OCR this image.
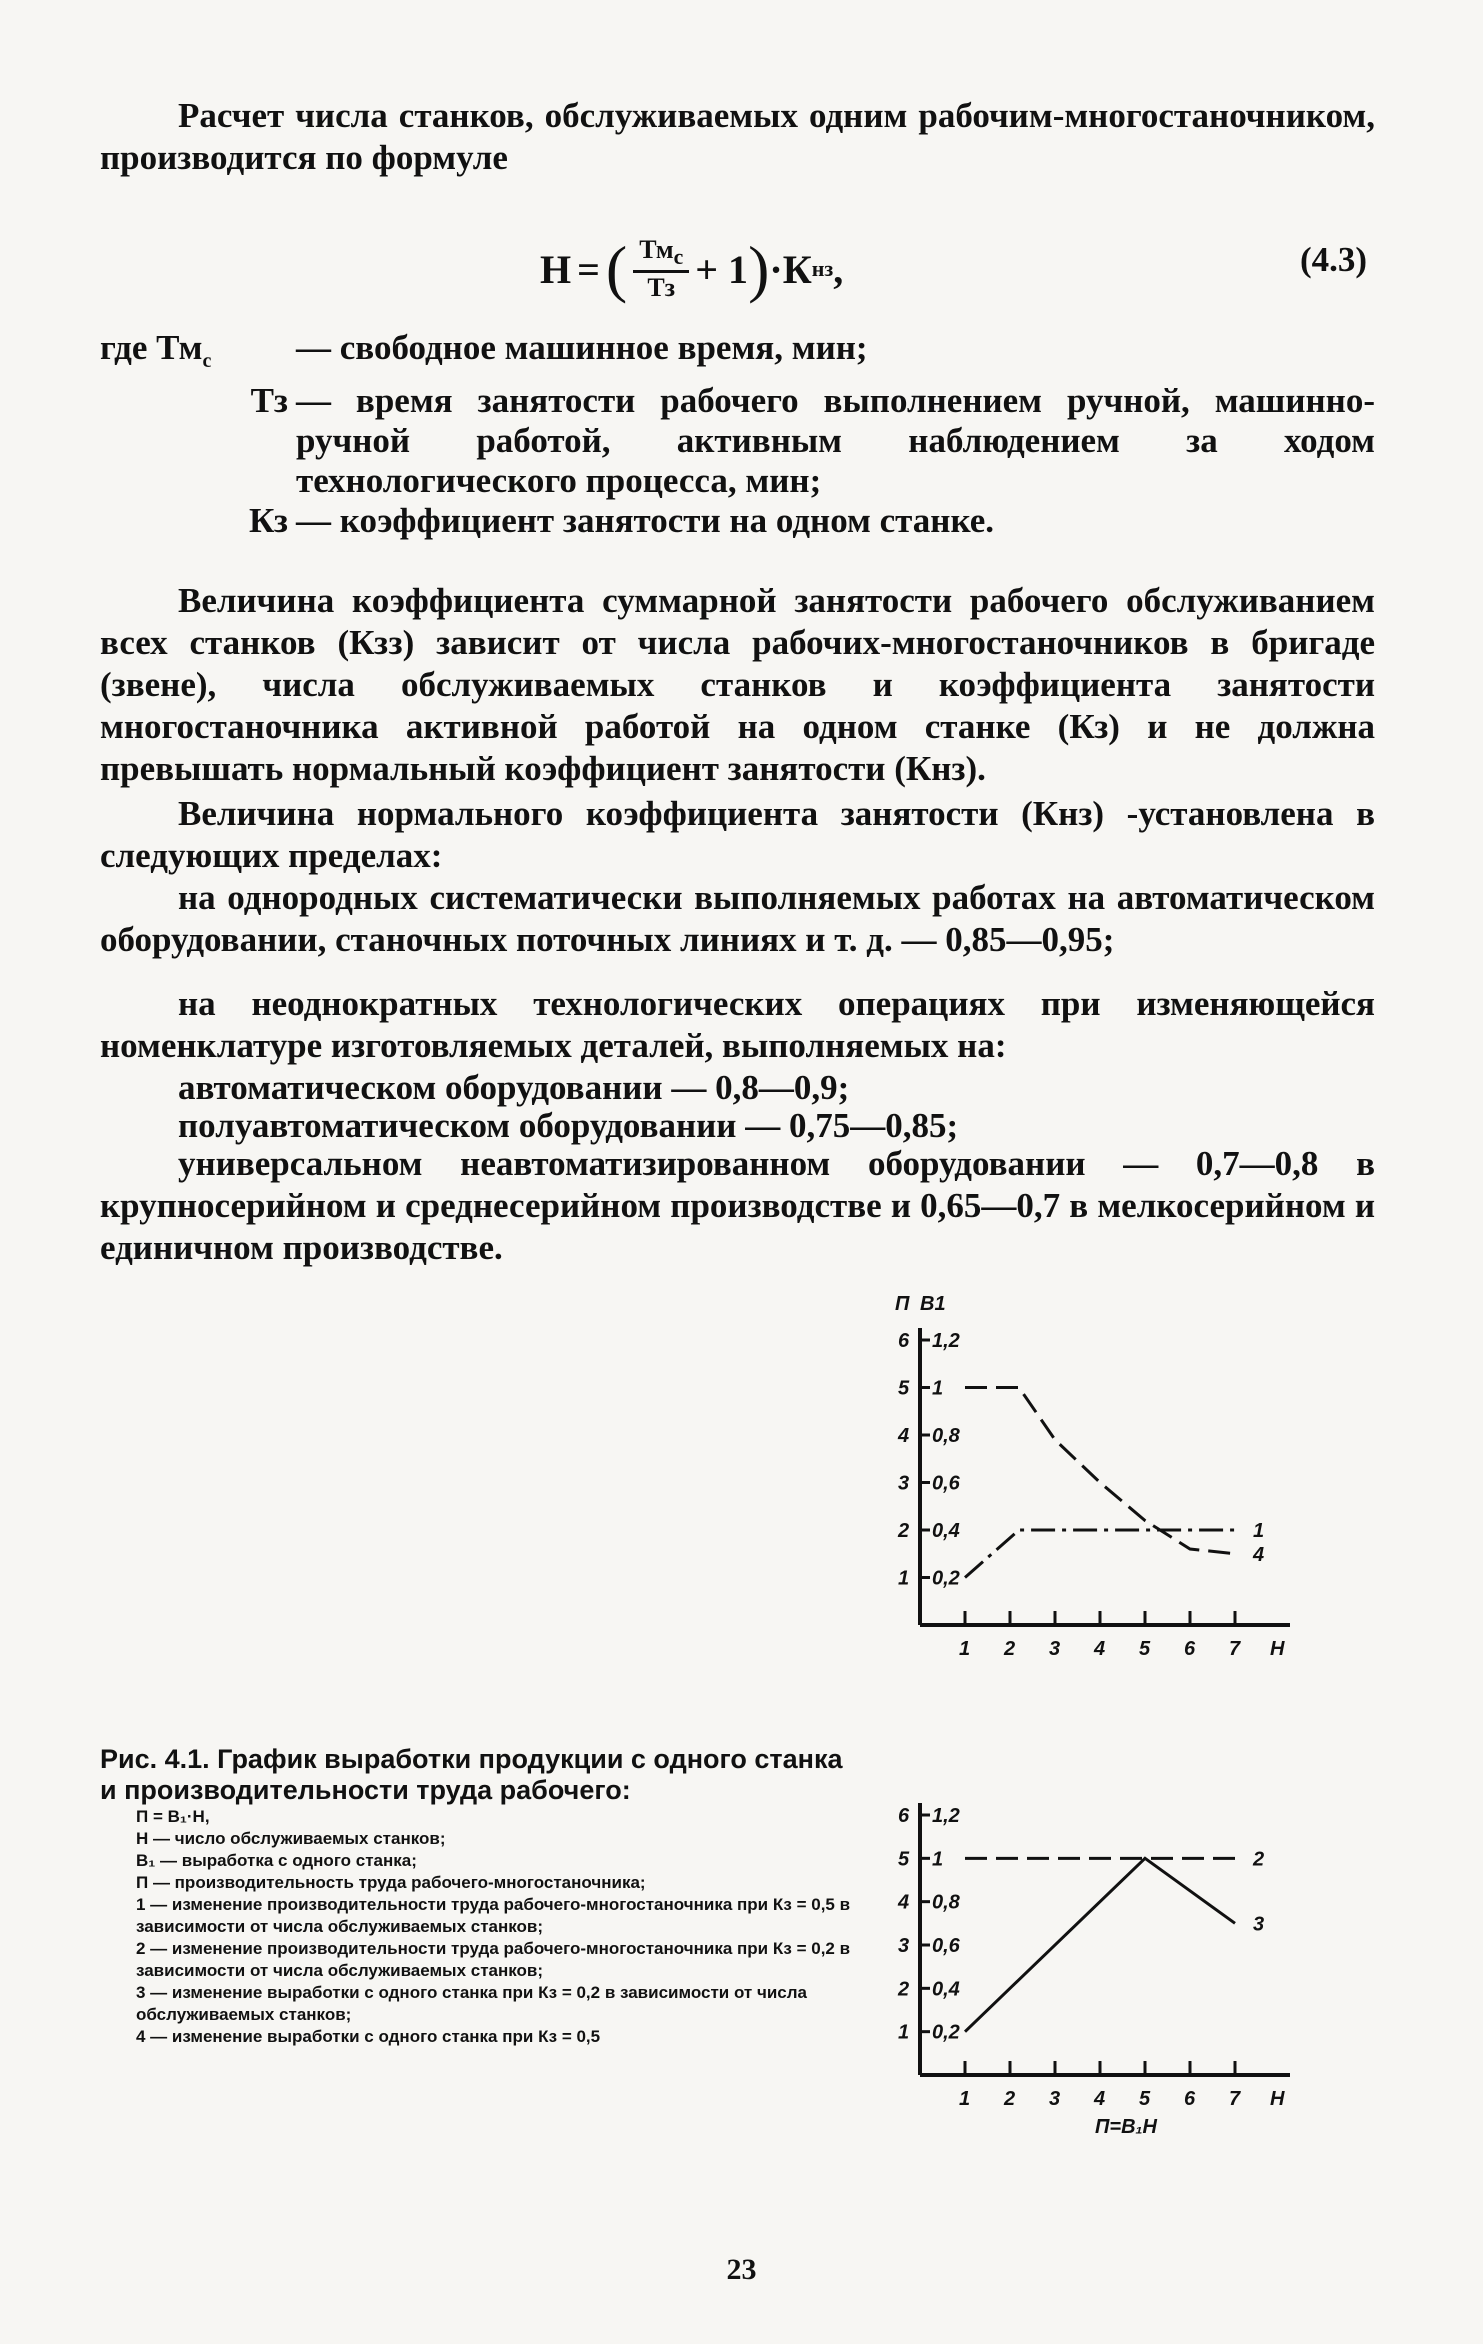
Расчет числа станков, обслуживаемых одним рабочим-многостаночником, производится по формуле
Н = ( $\frac{Тм_с}{Тз} + 1$ ) ·К нз ,	(4.3)
где $Тм_с$	— свободное машинное время, мин;
Тз — время занятости рабочего выполнением ручной, машинно-ручной работой, активным наблюдением за ходом технологического процесса, мин;
Кз — коэффициент занятости на одном станке.
Величина коэффициента суммарной занятости рабочего обслуживанием всех станков (Кзз) зависит от числа рабочих-многостаночников в бригаде (звене), числа обслуживаемых станков и коэффициента занятости многостаночника активной работой на одном станке (Кз) и не должна превышать нормальный коэффициент занятости (Кнз).
Величина нормального коэффициента занятости (Кнз) -установлена в следующих пределах:
на однородных систематически выполняемых работах на автоматическом оборудовании, станочных поточных линиях и т. д. — 0,85—0,95;
на неоднократных технологических операциях при изменяющейся номенклатуре изготовляемых деталей, выполняемых на:
автоматическом оборудовании — 0,8—0,9;
полуавтоматическом оборудовании — 0,75—0,85;
универсальном неавтоматизированном оборудовании — 0,7—0,8 в крупносерийном и среднесерийном производстве и 0,65—0,7 в мелкосерийном и единичном производстве.
П В1
0,2
1
0,4
2
0,6
3
0,8
4
1
5
1,2
6
1 2 3 4 5 6 7 Н
1
4
0,2
1
0,4
2
0,6
3
0,8
4
1
5
1,2
6
1 2 3 4 5 6 7 Н
П=В₁Н
2
3
Рис. 4.1. График выработки продукции с одного станка и производительности труда рабочего:
П = В₁·Н,
Н — число обслуживаемых станков;
В₁ — выработка с одного станка;
П — производительность труда рабочего-многостаночника;
1 — изменение производительности труда рабочего-многостаночника при Кз = 0,5 в зависимости от числа обслуживаемых станков;
2 — изменение производительности труда рабочего-многостаночника при Кз = 0,2 в зависимости от числа обслуживаемых станков;
3 — изменение выработки с одного станка при Кз = 0,2 в зависимости от числа обслуживаемых станков;
4 — изменение выработки с одного станка при Кз = 0,5
23
